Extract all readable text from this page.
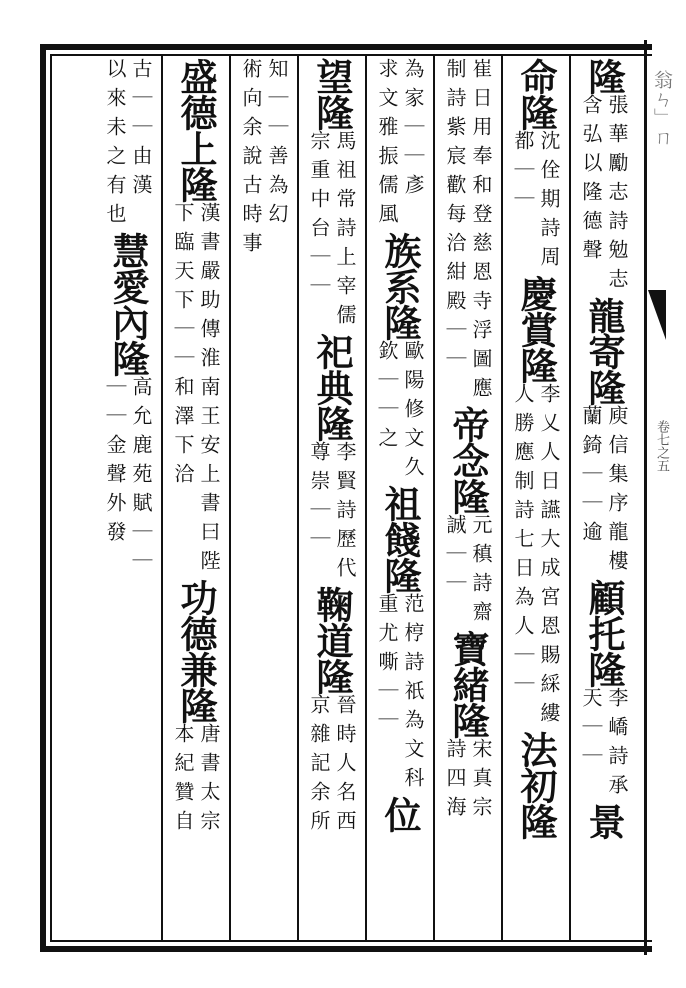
翁ㄣ」ㄇ
卷七之五
隆
張華勵志詩勉志
含弘以隆德聲
龍寄隆
庾信集序龍樓
蘭錡｜｜逾
顧托隆
李嶠詩承
天｜｜
景
命隆
沈佺期詩周
都｜｜
慶賞隆
李乂人日讌大成宮恩賜綵縷
人勝應制詩七日為人｜｜
法初隆
崔日用奉和登慈恩寺浮圖應
制詩紫宸歡每洽紺殿｜｜
帝念隆
元稹詩齋
誠｜｜
寶緒隆
宋真宗
詩四海
為家｜｜彥
求文雅振儒風
族系隆
歐陽修文久
欽｜｜之
祖餞隆
范梈詩祇為文科
重尤嘶｜｜
位
望隆
馬祖常詩上宰儒
宗重中台｜｜
祀典隆
李賢詩歷代
尊崇｜｜
鞠道隆
晉時人名西
京雜記余所
知｜｜善為幻
術向余說古時事
盛德上隆
漢書嚴助傳淮南王安上書曰陛
下臨天下｜｜和澤下洽
功德兼隆
唐書太宗
本紀贊自
古｜｜由漢
以來未之有也
慧愛內隆
高允鹿苑賦｜｜
｜｜金聲外發
